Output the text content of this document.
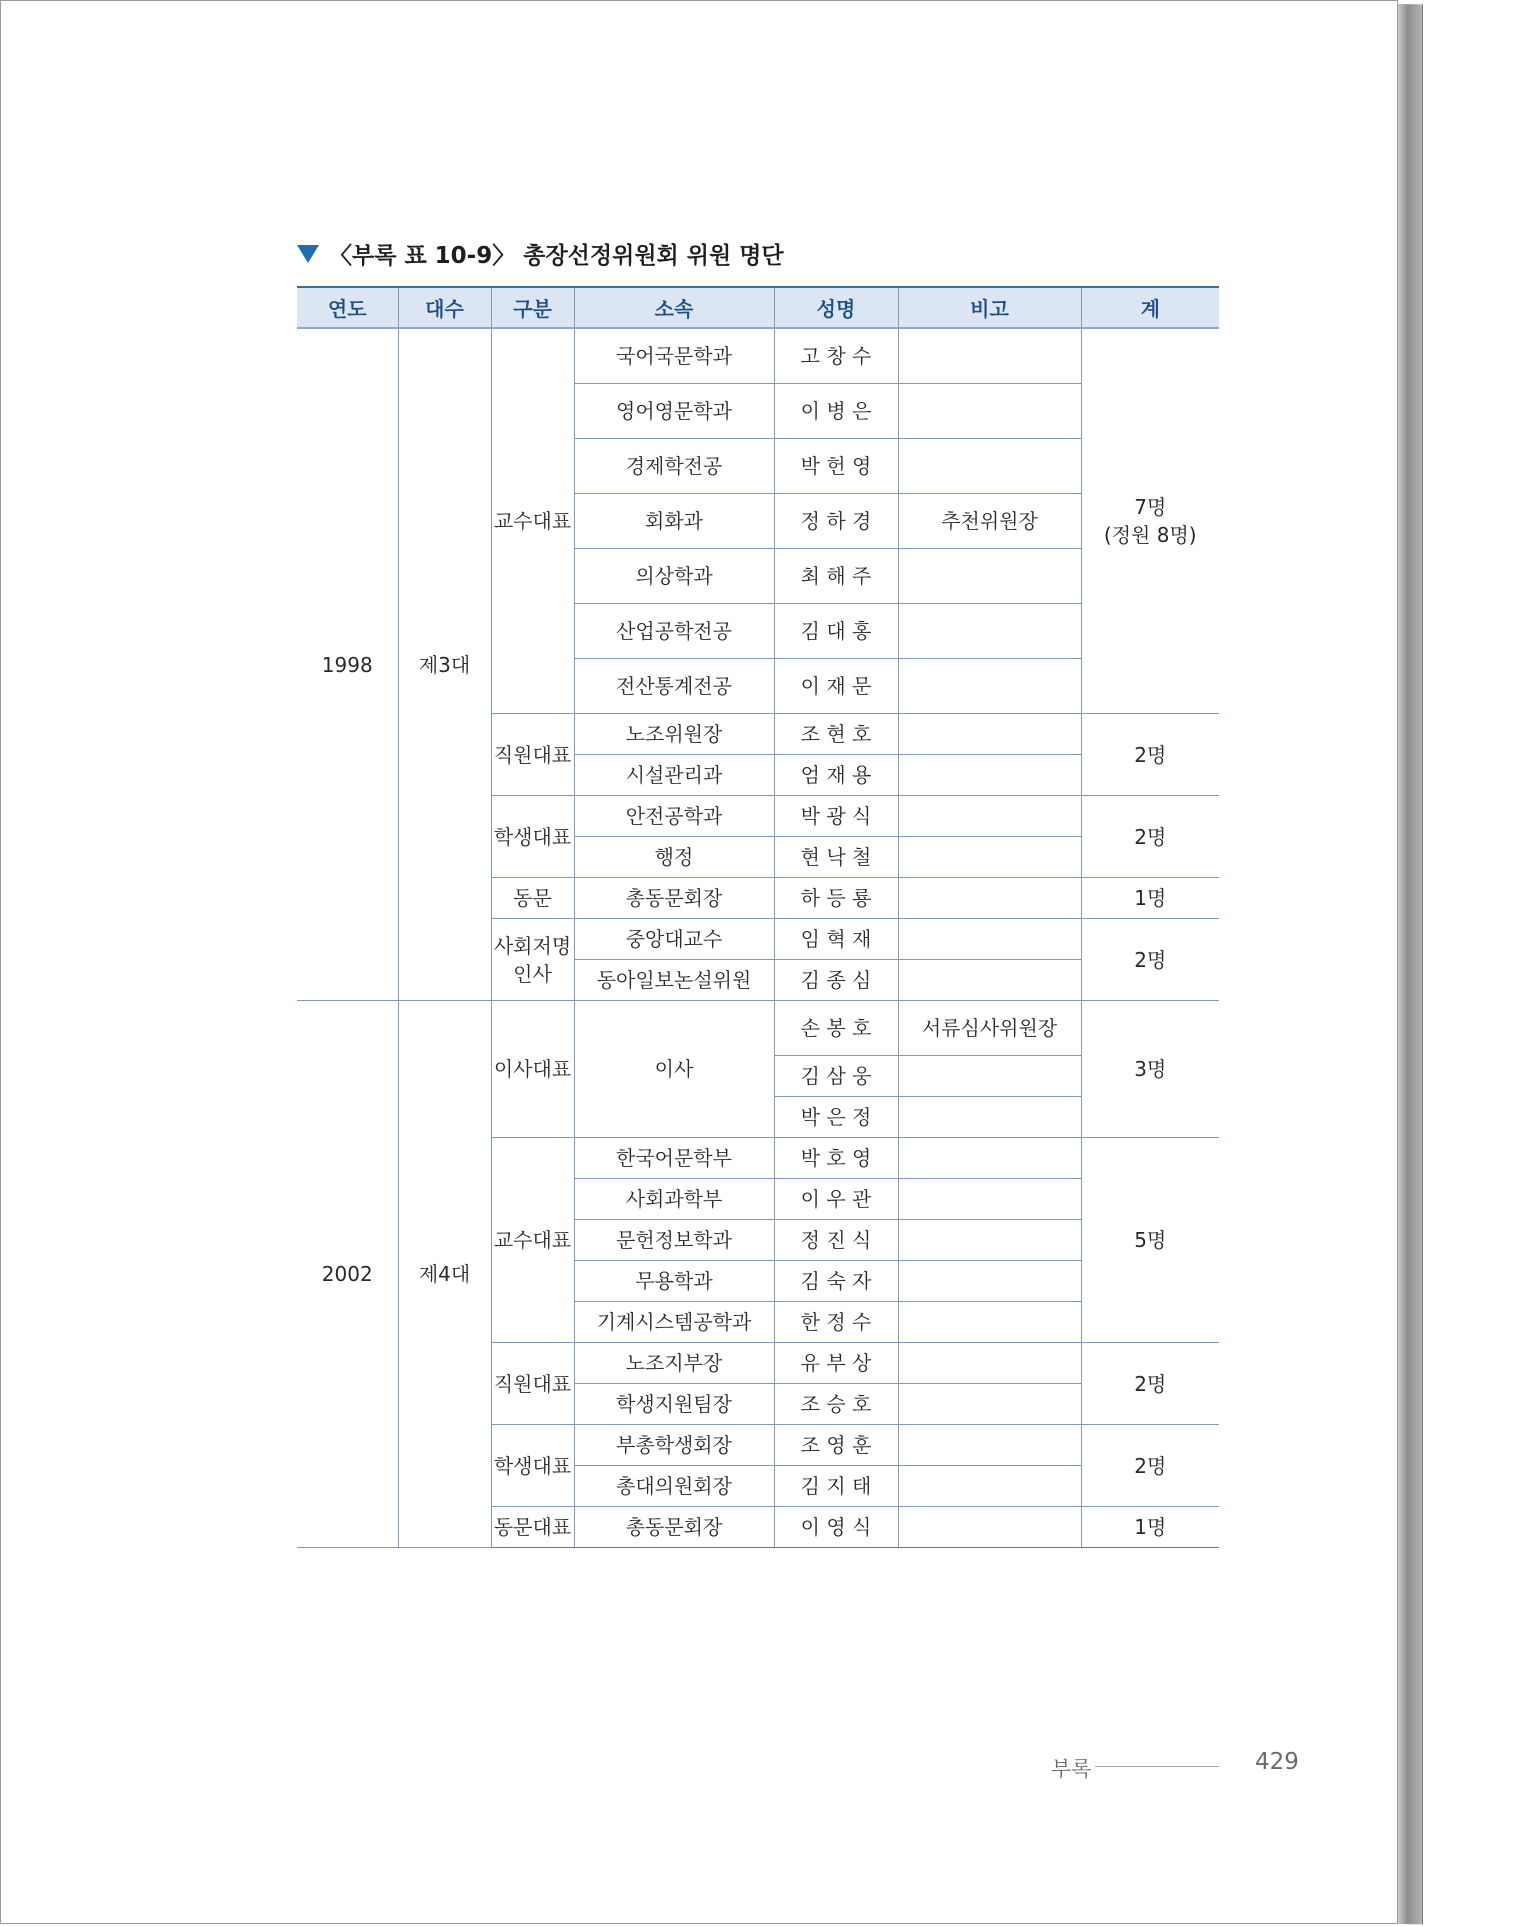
〈부록 표 10-9〉 총장선정위원회 위원 명단
연도	대수	구분	소속	성명	비고	계
1998	제3대	교수대표	국어국문학과	고 창 수		7명
(정원 8명)
			영어영문학과	이 병 은		
			경제학전공	박 헌 영		
			회화과	정 하 경	추천위원장	
			의상학과	최 해 주		
			산업공학전공	김 대 홍		
			전산통계전공	이 재 문		
		직원대표	노조위원장	조 현 호		2명
			시설관리과	엄 재 용		
		학생대표	안전공학과	박 광 식		2명
			행정	현 낙 철		
		동문	총동문회장	하 등 룡		1명
		사회저명
인사	중앙대교수	임 혁 재		2명
			동아일보논설위원	김 종 심		
2002	제4대	이사대표	이사	손 봉 호	서류심사위원장	3명
				김 삼 웅		
				박 은 정		
		교수대표	한국어문학부	박 호 영		5명
			사회과학부	이 우 관		
			문헌정보학과	정 진 식		
			무용학과	김 숙 자		
			기계시스템공학과	한 정 수		
		직원대표	노조지부장	유 부 상		2명
			학생지원팀장	조 승 호		
		학생대표	부총학생회장	조 영 훈		2명
			총대의원회장	김 지 태		
		동문대표	총동문회장	이 영 식		1명
부록	429
